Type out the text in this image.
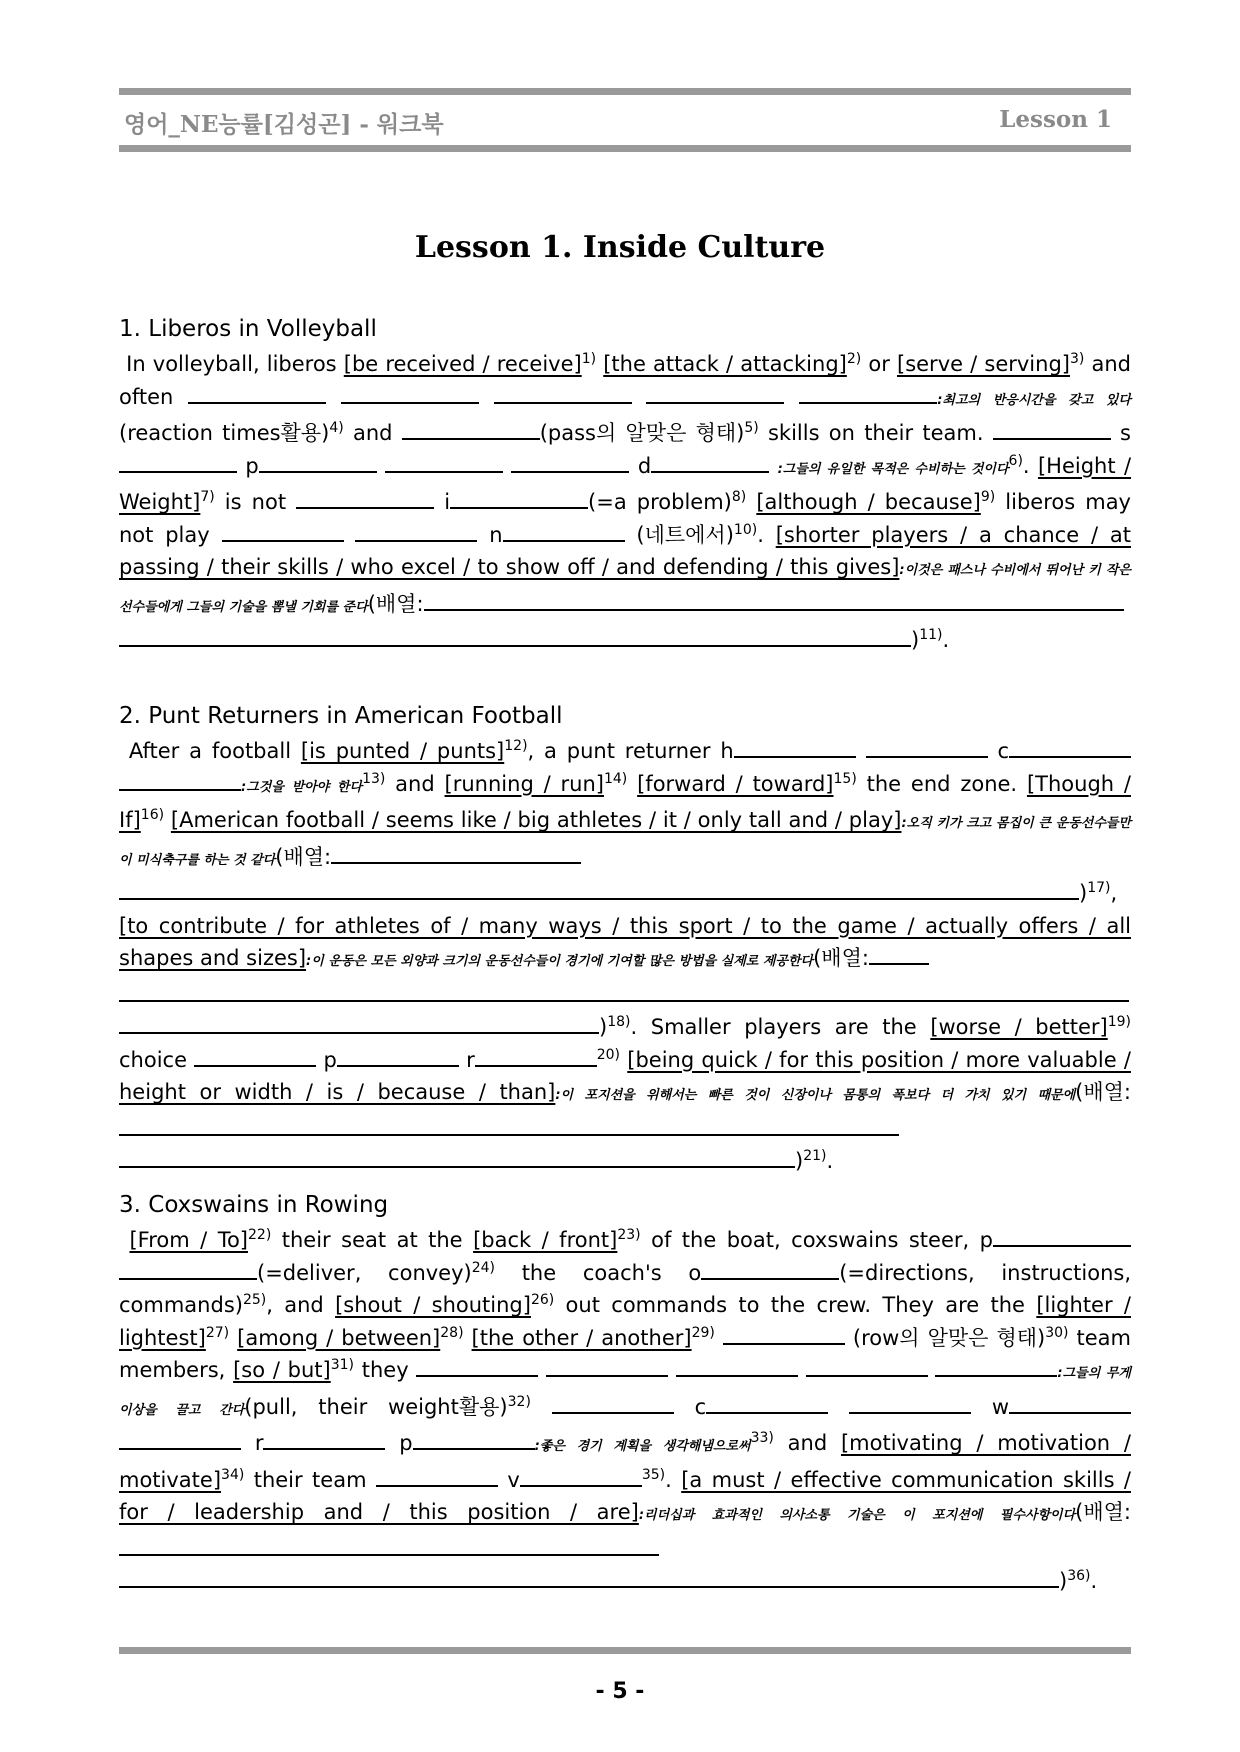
영어_NE능률[김성곤] - 워크북	Lesson 1
Lesson 1. Inside Culture
1. Liberos in Volleyball

In volleyball, liberos [be received / receive]$^{1)}$ [the attack / attacking]$^{2)}$ or [serve / serving]$^{3)}$ and often	:최고의 반응시간을 갖고 있다(reaction times활용)$^{4)}$ and	(pass의 알맞은 형태)$^{5)}$ skills on their team.	s p	d	:그들의 유일한 목적은 수비하는 것이다$^{6)}$. [Height / Weight]$^{7)}$ is not	i	(=a problem)$^{8)}$ [although / because]$^{9)}$ liberos may not play	n	(네트에서)$^{10)}$. [shorter players / a chance / at passing / their skills / who excel / to show off / and defending / this gives]:이것은 패스나 수비에서 뛰어난 키 작은 선수들에게 그들의 기술을 뽐낼 기회를 준다(배열:
)$^{11)}$.

2. Punt Returners in American Football

After a football [is punted / punts]$^{12)}$, a punt returner h	c :그것을 받아야 한다$^{13)}$ and [running / run]$^{14)}$ [forward / toward]$^{15)}$ the end zone. [Though / If]$^{16)}$ [American football / seems like / big athletes / it / only tall and / play]:오직 키가 크고 몸집이 큰 운동선수들만이 미식축구를 하는 것 같다(배열:
)$^{17)}$, [to contribute / for athletes of / many ways / this sport / to the game / actually offers / all shapes and sizes]:이 운동은 모든 외양과 크기의 운동선수들이 경기에 기여할 많은 방법을 실제로 제공한다(배열:

)$^{18)}$. Smaller players are the [worse / better]$^{19)}$ choice	p	r	$^{20)}$ [being quick / for this position / more valuable / height or width / is / because / than]:이 포지션을 위해서는 빠른 것이 신장이나 몸통의 폭보다 더 가치 있기 때문에(배열:
)$^{21)}$.

3. Coxswains in Rowing

[From / To]$^{22)}$ their seat at the [back / front]$^{23)}$ of the boat, coxswains steer, p (=deliver, convey)$^{24)}$ the coach's o	(=directions, instructions, commands)$^{25)}$, and [shout / shouting]$^{26)}$ out commands to the crew. They are the [lighter / lightest]$^{27)}$ [among / between]$^{28)}$ [the other / another]$^{29)}$	(row의 알맞은 형태)$^{30)}$ team members, [so / but]$^{31)}$ they	:그들의 무게 이상을 끌고 간다(pull, their weight활용)$^{32)}$	c	w  r	p	:좋은 경기 계획을 생각해냄으로써$^{33)}$ and [motivating / motivation / motivate]$^{34)}$ their team	v	$^{35)}$. [a must / effective communication skills / for / leadership and / this position / are]:리더십과 효과적인 의사소통 기술은 이 포지션에 필수사항이다(배열:
)$^{36)}$.

- 5 -
